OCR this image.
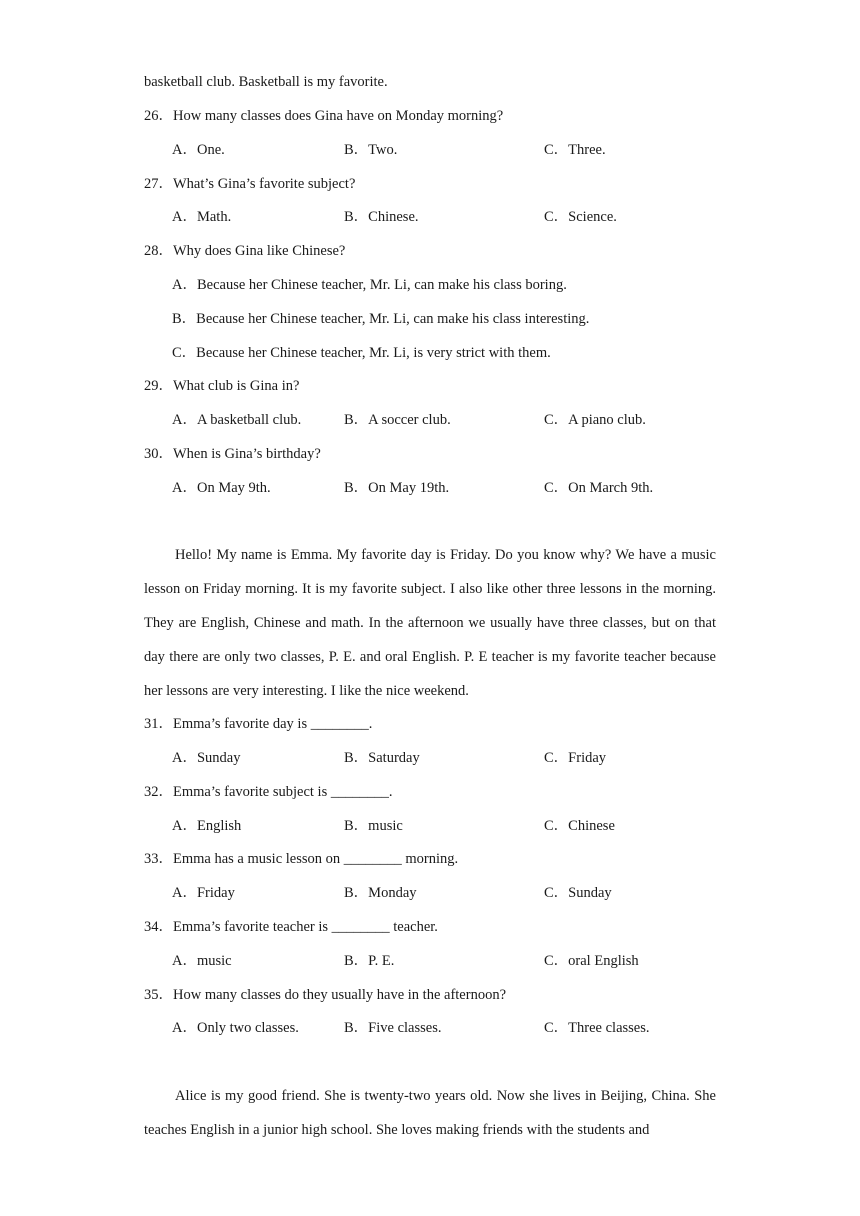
basketball club. Basketball is my favorite.
26．How many classes does Gina have on Monday morning?
A．One.	B．Two.	C．Three.
27．What’s Gina’s favorite subject?
A．Math.	B．Chinese.	C．Science.
28．Why does Gina like Chinese?
A．Because her Chinese teacher, Mr. Li, can make his class boring.
B．Because her Chinese teacher, Mr. Li, can make his class interesting.
C．Because her Chinese teacher, Mr. Li, is very strict with them.
29．What club is Gina in?
A．A basketball club.	B．A soccer club.	C．A piano club.
30．When is Gina’s birthday?
A．On May 9th.	B．On May 19th.	C．On March 9th.
Hello! My name is Emma. My favorite day is Friday. Do you know why? We have a music lesson on Friday morning. It is my favorite subject. I also like other three lessons in the morning. They are English, Chinese and math. In the afternoon we usually have three classes, but on that day there are only two classes, P. E. and oral English. P. E teacher is my favorite teacher because her lessons are very interesting. I like the nice weekend.
31．Emma’s favorite day is ________.
A．Sunday	B．Saturday	C．Friday
32．Emma’s favorite subject is ________.
A．English	B．music	C．Chinese
33．Emma has a music lesson on ________ morning.
A．Friday	B．Monday	C．Sunday
34．Emma’s favorite teacher is ________ teacher.
A．music	B．P. E.	C．oral English
35．How many classes do they usually have in the afternoon?
A．Only two classes.	B．Five classes.	C．Three classes.
Alice is my good friend. She is twenty-two years old. Now she lives in Beijing, China. She teaches English in a junior high school. She loves making friends with the students and
